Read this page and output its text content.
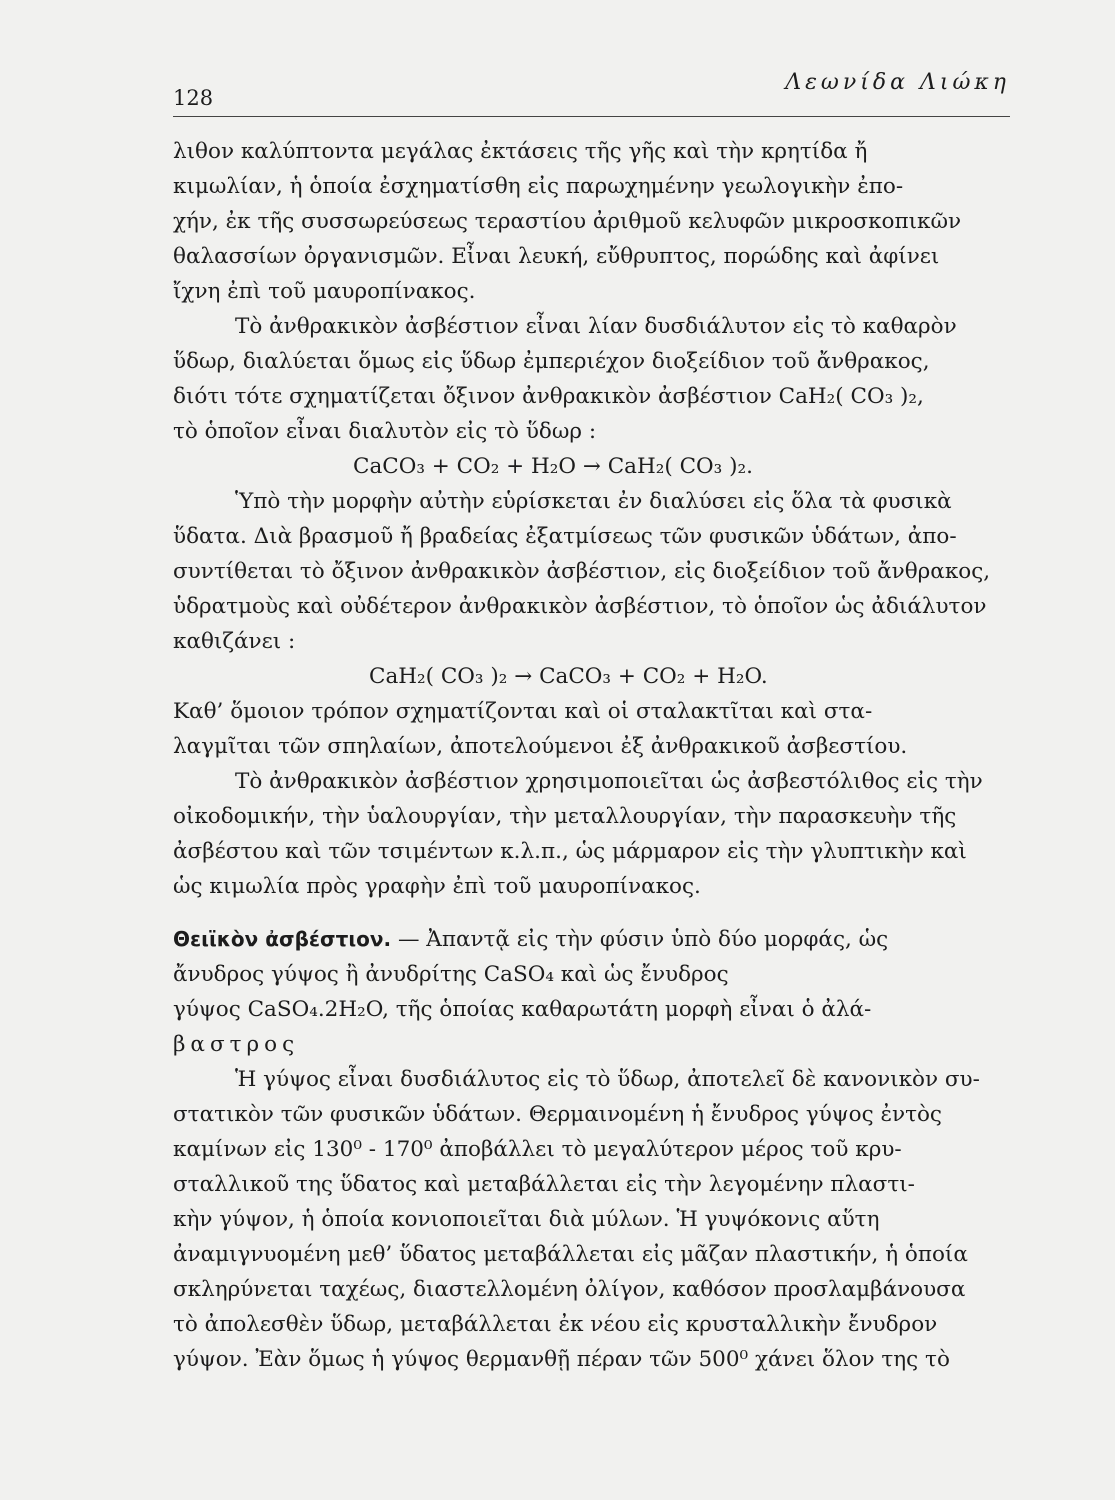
128
Λεωνίδα Λιώκη
λιθον καλύπτοντα μεγάλας ἐκτάσεις τῆς γῆς καὶ τὴν κρητίδα ἤ
κιμωλίαν, ἡ ὁποία ἐσχηματίσθη εἰς παρωχημένην γεωλογικὴν ἐπο-
χήν, ἐκ τῆς συσσωρεύσεως τεραστίου ἀριθμοῦ κελυφῶν μικροσκοπικῶν
θαλασσίων ὀργανισμῶν. Εἶναι λευκή, εὔθρυπτος, πορώδης καὶ ἀφίνει
ἴχνη ἐπὶ τοῦ μαυροπίνακος.
Τὸ ἀνθρακικὸν ἀσβέστιον εἶναι λίαν δυσδιάλυτον εἰς τὸ καθαρὸν
ὕδωρ, διαλύεται ὅμως εἰς ὕδωρ ἐμπεριέχον διοξείδιον τοῦ ἄνθρακος,
διότι τότε σχηματίζεται ὄξινον ἀνθρακικὸν ἀσβέστιον CaH₂( CO₃ )₂,
τὸ ὁποῖον εἶναι διαλυτὸν εἰς τὸ ὕδωρ :
CaCO₃ + CO₂ + H₂O → CaH₂( CO₃ )₂.
Ὑπὸ τὴν μορφὴν αὐτὴν εὑρίσκεται ἐν διαλύσει εἰς ὅλα τὰ φυσικὰ
ὕδατα. Διὰ βρασμοῦ ἤ βραδείας ἐξατμίσεως τῶν φυσικῶν ὑδάτων, ἀπο-
συντίθεται τὸ ὄξινον ἀνθρακικὸν ἀσβέστιον, εἰς διοξείδιον τοῦ ἄνθρακος,
ὑδρατμοὺς καὶ οὐδέτερον ἀνθρακικὸν ἀσβέστιον, τὸ ὁποῖον ὡς ἀδιάλυτον
καθιζάνει :
CaH₂( CO₃ )₂ → CaCO₃ + CO₂ + H₂O.
Καθ’ ὅμοιον τρόπον σχηματίζονται καὶ οἱ σταλακτῖται καὶ στα-
λαγμῖται τῶν σπηλαίων, ἀποτελούμενοι ἐξ ἀνθρακικοῦ ἀσβεστίου.
Τὸ ἀνθρακικὸν ἀσβέστιον χρησιμοποιεῖται ὡς ἀσβεστόλιθος εἰς τὴν
οἰκοδομικήν, τὴν ὑαλουργίαν, τὴν μεταλλουργίαν, τὴν παρασκευὴν τῆς
ἀσβέστου καὶ τῶν τσιμέντων κ.λ.π., ὡς μάρμαρον εἰς τὴν γλυπτικὴν καὶ
ὡς κιμωλία πρὸς γραφὴν ἐπὶ τοῦ μαυροπίνακος.
Θειϊκὸν ἀσβέστιον. — Ἀπαντᾷ εἰς τὴν φύσιν ὑπὸ δύο μορφάς, ὡς
ἄνυδρος γύψος ἢ ἀνυδρίτης CaSO₄ καὶ ὡς ἔνυδρος
γύψος CaSO₄.2H₂O, τῆς ὁποίας καθαρωτάτη μορφὴ εἶναι ὁ ἀλά-
βαστρος
Ἡ γύψος εἶναι δυσδιάλυτος εἰς τὸ ὕδωρ, ἀποτελεῖ δὲ κανονικὸν συ-
στατικὸν τῶν φυσικῶν ὑδάτων. Θερμαινομένη ἡ ἔνυδρος γύψος ἐντὸς
καμίνων εἰς 130⁰ - 170⁰ ἀποβάλλει τὸ μεγαλύτερον μέρος τοῦ κρυ-
σταλλικοῦ της ὕδατος καὶ μεταβάλλεται εἰς τὴν λεγομένην πλαστι-
κὴν γύψον, ἡ ὁποία κονιοποιεῖται διὰ μύλων. Ἡ γυψόκονις αὕτη
ἀναμιγνυομένη μεθ’ ὕδατος μεταβάλλεται εἰς μᾶζαν πλαστικήν, ἡ ὁποία
σκληρύνεται ταχέως, διαστελλομένη ὀλίγον, καθόσον προσλαμβάνουσα
τὸ ἀπολεσθὲν ὕδωρ, μεταβάλλεται ἐκ νέου εἰς κρυσταλλικὴν ἔνυδρον
γύψον. Ἐὰν ὅμως ἡ γύψος θερμανθῇ πέραν τῶν 500⁰ χάνει ὅλον της τὸ
